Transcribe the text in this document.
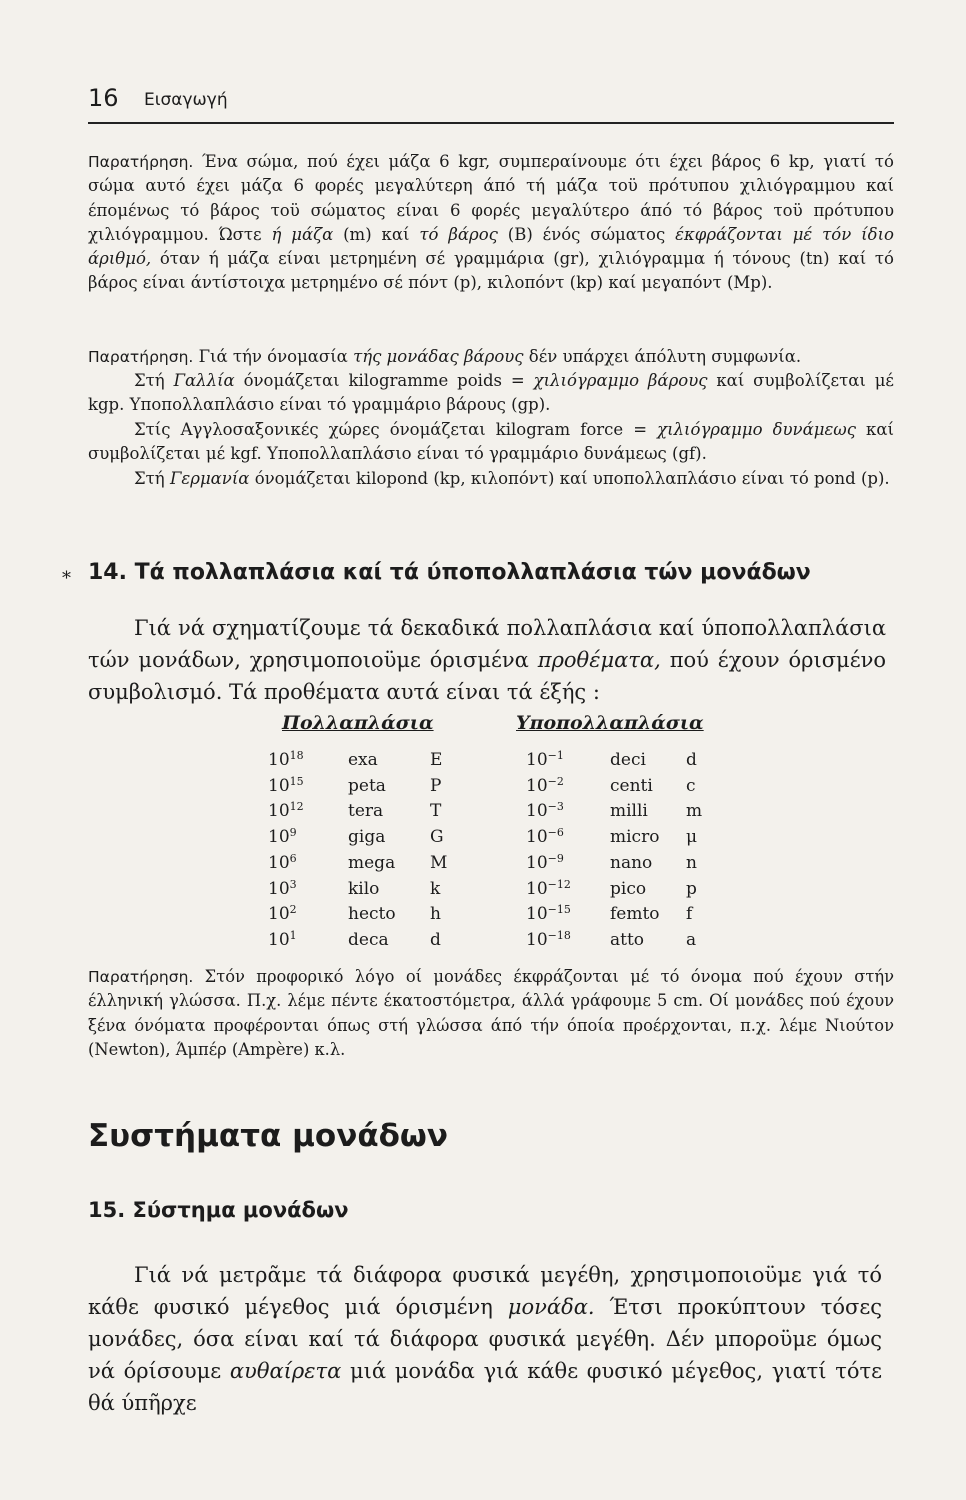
16 Εισαγωγή
Παρατήρηση. Ένα σώμα, πού έχει μάζα 6 kgr, συμπεραίνουμε ότι έχει βάρος 6 kp, γιατί τό σώμα αυτό έχει μάζα 6 φορές μεγαλύτερη άπό τή μάζα τοϋ πρότυπου χιλιόγραμμου καί έπομένως τό βάρος τοϋ σώματος είναι 6 φορές μεγαλύτερο άπό τό βάρος τοϋ πρότυπου χιλιόγραμμου. Ώστε ή μάζα (m) καί τό βάρος (Β) ένός σώματος έκφράζονται μέ τόν ίδιο άριθμό, όταν ή μάζα είναι μετρημένη σέ γραμμάρια (gr), χιλιόγραμμα ή τόνους (tn) καί τό βάρος είναι άντίστοιχα μετρημένο σέ πόντ (p), κιλοπόντ (kp) καί μεγαπόντ (Mp).
Παρατήρηση. Γιά τήν όνομασία τής μονάδας βάρους δέν υπάρχει άπόλυτη συμφωνία.
Στή Γαλλία όνομάζεται kilogramme poids = χιλιόγραμμο βάρους καί συμβολίζεται μέ kgp. Υποπολλαπλάσιο είναι τό γραμμάριο βάρους (gp).
Στίς Αγγλοσαξονικές χώρες όνομάζεται kilogram force = χιλιόγραμμο δυνάμεως καί συμβολίζεται μέ kgf. Υποπολλαπλάσιο είναι τό γραμμάριο δυνάμεως (gf).
Στή Γερμανία όνομάζεται kilopond (kp, κιλοπόντ) καί υποπολλαπλάσιο είναι τό pond (p).
* 14. Τά πολλαπλάσια καί τά ύποπολλαπλάσια τών μονάδων
Γιά νά σχηματίζουμε τά δεκαδικά πολλαπλάσια καί ύποπολλαπλάσια τών μονάδων, χρησιμοποιοϋμε όρισμένα προθέματα, πού έχουν όρισμένο συμβολισμό. Τά προθέματα αυτά είναι τά έξής :
Πολλαπλάσια	Υποπολλαπλάσια
$10^{18}$	exa	E	$10^{-1}$	deci d
$10^{15}$	peta	P	$10^{-2}$	centi c
$10^{12}$	tera	T	$10^{-3}$	milli m
$10^9$	giga	G	$10^{-6}$	micro μ
$10^6$	mega M	$10^{-9}$	nano n
$10^3$	kilo	k	$10^{-12}$ pico p
$10^2$	hecto h	$10^{-15}$ femto f
$10^1$	deca d	$10^{-18}$ atto a
Παρατήρηση. Στόν προφορικό λόγο οί μονάδες έκφράζονται μέ τό όνομα πού έχουν στήν έλληνική γλώσσα. Π.χ. λέμε πέντε έκατοστόμετρα, άλλά γράφουμε 5 cm. Οί μονάδες πού έχουν ξένα όνόματα προφέρονται όπως στή γλώσσα άπό τήν όποία προέρχονται, π.χ. λέμε Νιούτον (Newton), Άμπέρ (Ampère) κ.λ.
Συστήματα μονάδων
15. Σύστημα μονάδων
Γιά νά μετρᾶμε τά διάφορα φυσικά μεγέθη, χρησιμοποιοϋμε γιά τό κάθε φυσικό μέγεθος μιά όρισμένη μονάδα. Έτσι προκύπτουν τόσες μονάδες, όσα είναι καί τά διάφορα φυσικά μεγέθη. Δέν μποροϋμε όμως νά όρίσουμε αυθαίρετα μιά μονάδα γιά κάθε φυσικό μέγεθος, γιατί τότε θά ύπῆρχε
